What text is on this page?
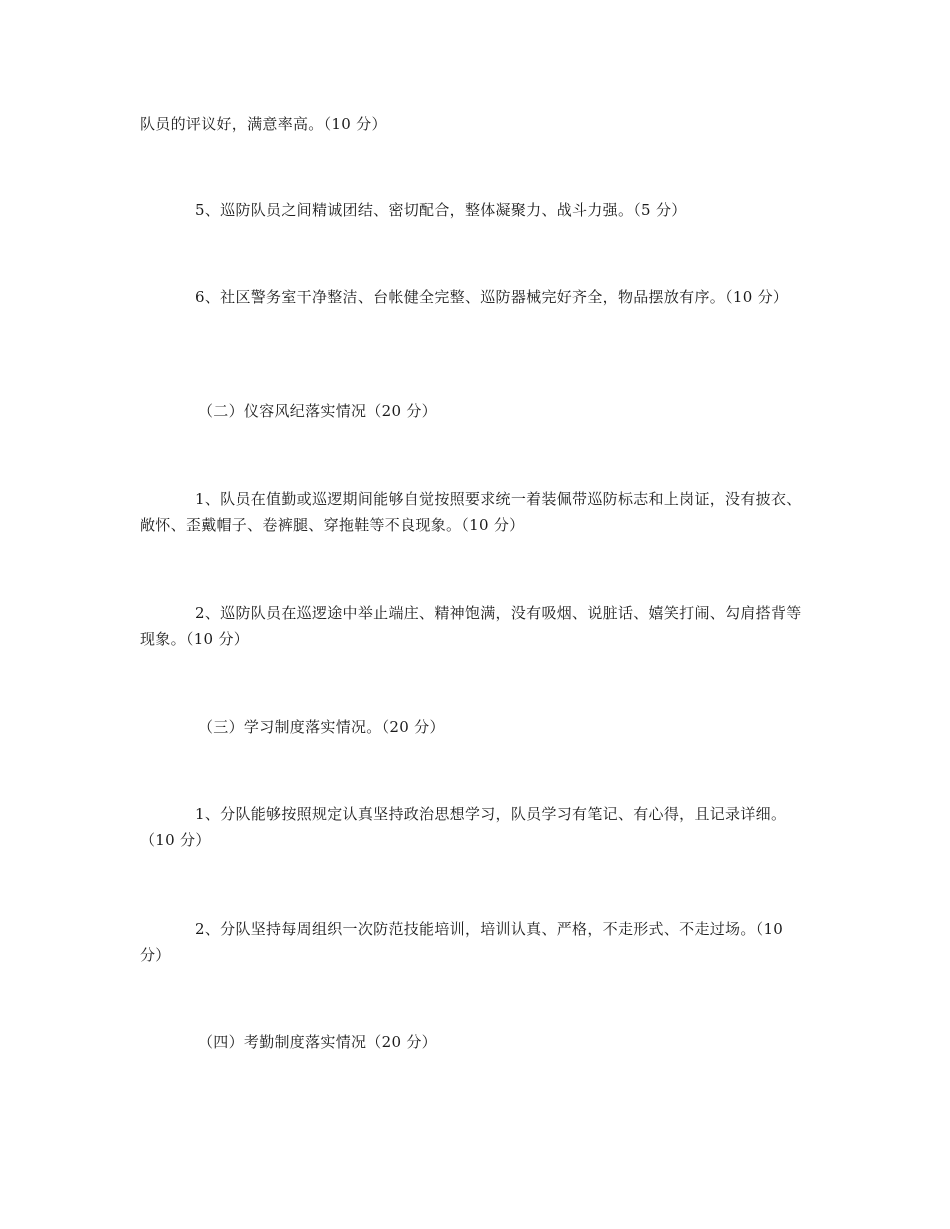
队员的评议好，满意率高。（10 分）

5、巡防队员之间精诚团结、密切配合，整体凝聚力、战斗力强。（5 分）

6、社区警务室干净整洁、台帐健全完整、巡防器械完好齐全，物品摆放有序。（10 分）

（二）仪容风纪落实情况（20 分）

1、队员在值勤或巡逻期间能够自觉按照要求统一着装佩带巡防标志和上岗证，没有披衣、敞怀、歪戴帽子、卷裤腿、穿拖鞋等不良现象。（10 分）

2、巡防队员在巡逻途中举止端庄、精神饱满，没有吸烟、说脏话、嬉笑打闹、勾肩搭背等现象。（10 分）

（三）学习制度落实情况。（20 分）

1、分队能够按照规定认真坚持政治思想学习，队员学习有笔记、有心得，且记录详细。（10 分）

2、分队坚持每周组织一次防范技能培训，培训认真、严格，不走形式、不走过场。（10 分）

（四）考勤制度落实情况（20 分）
